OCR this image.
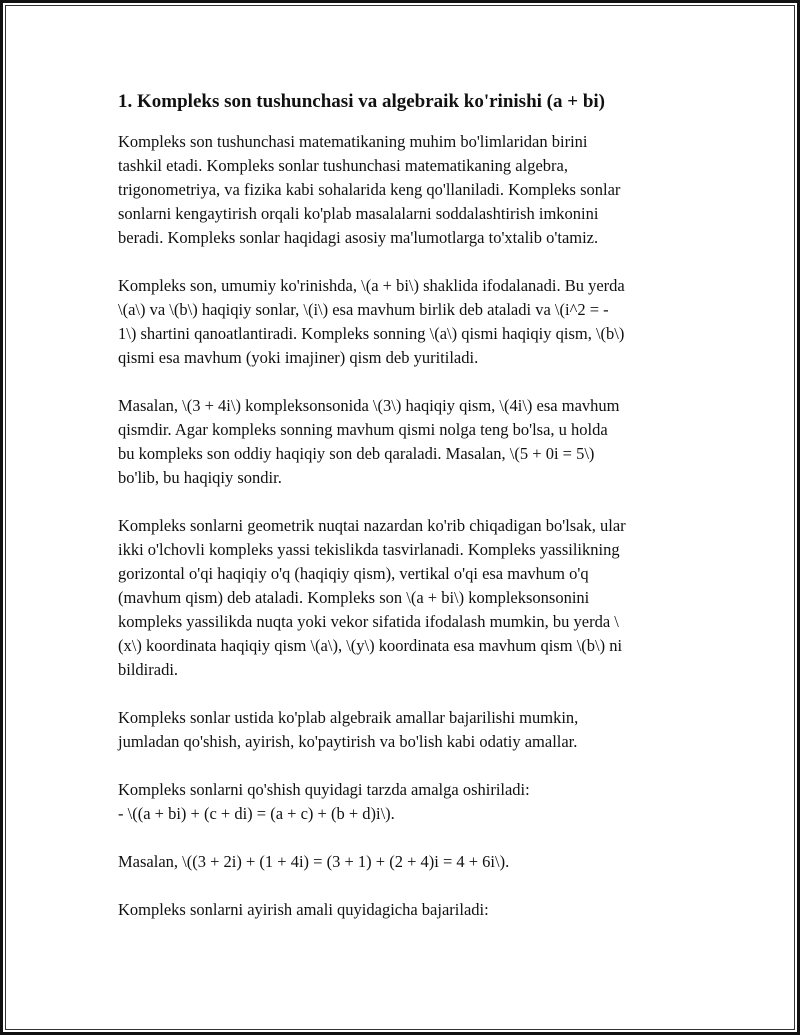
1. Kompleks son tushunchasi va algebraik ko'rinishi (a + bi)
Kompleks son tushunchasi matematikaning muhim bo'limlaridan birini
tashkil etadi. Kompleks sonlar tushunchasi matematikaning algebra,
trigonometriya, va fizika kabi sohalarida keng qo'llaniladi. Kompleks sonlar
sonlarni kengaytirish orqali ko'plab masalalarni soddalashtirish imkonini
beradi. Kompleks sonlar haqidagi asosiy ma'lumotlarga to'xtalib o'tamiz.
Kompleks son, umumiy ko'rinishda, \(a + bi\) shaklida ifodalanadi. Bu yerda
\(a\) va \(b\) haqiqiy sonlar, \(i\) esa mavhum birlik deb ataladi va \(i^2 = -
1\) shartini qanoatlantiradi. Kompleks sonning \(a\) qismi haqiqiy qism, \(b\)
qismi esa mavhum (yoki imajiner) qism deb yuritiladi.
Masalan, \(3 + 4i\) kompleksonsonida \(3\) haqiqiy qism, \(4i\) esa mavhum
qismdir. Agar kompleks sonning mavhum qismi nolga teng bo'lsa, u holda
bu kompleks son oddiy haqiqiy son deb qaraladi. Masalan, \(5 + 0i = 5\)
bo'lib, bu haqiqiy sondir.
Kompleks sonlarni geometrik nuqtai nazardan ko'rib chiqadigan bo'lsak, ular
ikki o'lchovli kompleks yassi tekislikda tasvirlanadi. Kompleks yassilikning
gorizontal o'qi haqiqiy o'q (haqiqiy qism), vertikal o'qi esa mavhum o'q
(mavhum qism) deb ataladi. Kompleks son \(a + bi\) kompleksonsonini
kompleks yassilikda nuqta yoki vekor sifatida ifodalash mumkin, bu yerda \
(x\) koordinata haqiqiy qism \(a\), \(y\) koordinata esa mavhum qism \(b\) ni
bildiradi.
Kompleks sonlar ustida ko'plab algebraik amallar bajarilishi mumkin,
jumladan qo'shish, ayirish, ko'paytirish va bo'lish kabi odatiy amallar.
Kompleks sonlarni qo'shish quyidagi tarzda amalga oshiriladi:
- \((a + bi) + (c + di) = (a + c) + (b + d)i\).
Masalan, \((3 + 2i) + (1 + 4i) = (3 + 1) + (2 + 4)i = 4 + 6i\).
Kompleks sonlarni ayirish amali quyidagicha bajariladi:
